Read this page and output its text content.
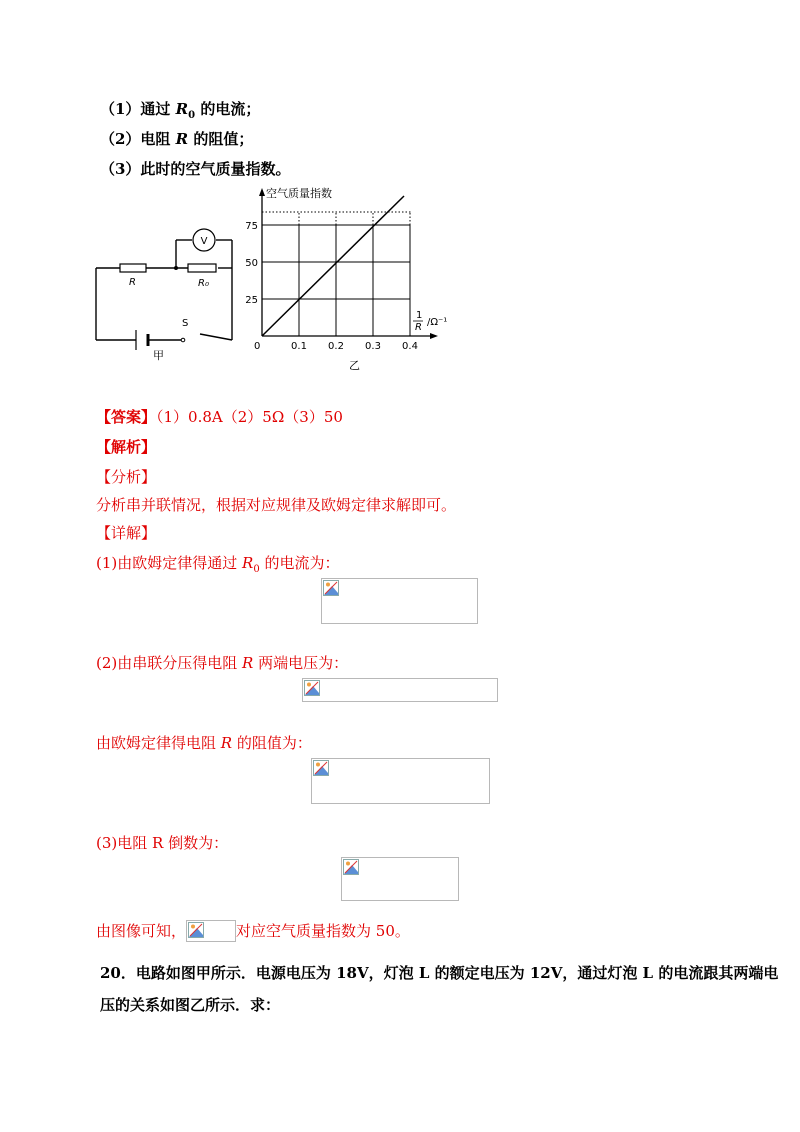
（1）通过 $R_0$ 的电流；
（2）电阻 R 的阻值；
（3）此时的空气质量指数。
V
R	R₀
S
甲
0.1 0.2 0.3 0.4
25
50
75
空气质量指数
1
R /Ω⁻¹
0
乙
【答案】（1）0.8A（2）5Ω（3）50
【解析】
【分析】
分析串并联情况，根据对应规律及欧姆定律求解即可。
【详解】
(1)由欧姆定律得通过 $R_0$ 的电流为：
(2)由串联分压得电阻 R 两端电压为：
由欧姆定律得电阻 R 的阻值为：
(3)电阻 R 倒数为：
由图像可知，	对应空气质量指数为 50。
20．电路如图甲所示．电源电压为 18V，灯泡 L 的额定电压为 12V，通过灯泡 L 的电流跟其两端电
压的关系如图乙所示．求：
